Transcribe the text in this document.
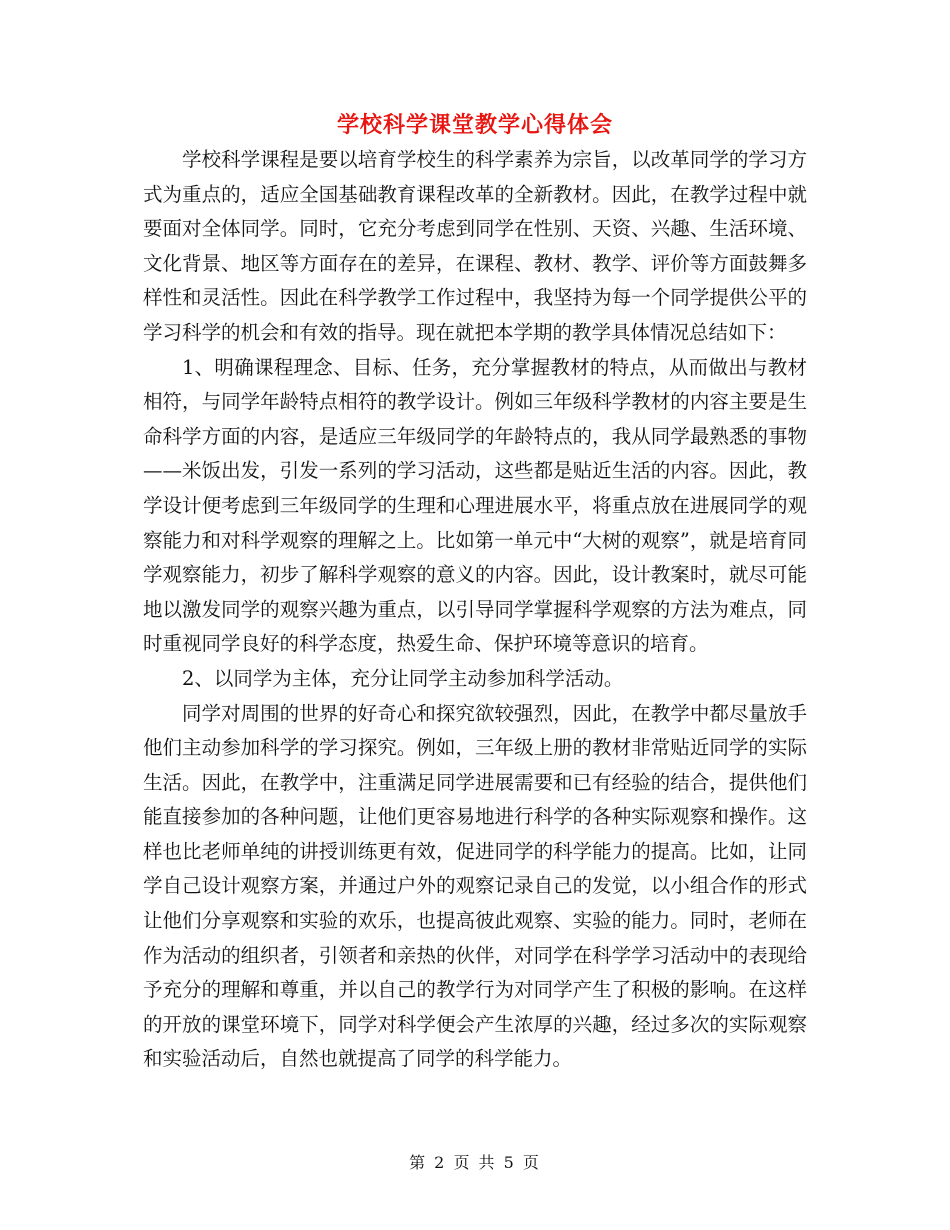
学校科学课堂教学心得体会

学校科学课程是要以培育学校生的科学素养为宗旨，以改革同学的学习方式为重点的，适应全国基础教育课程改革的全新教材。因此，在教学过程中就要面对全体同学。同时，它充分考虑到同学在性别、天资、兴趣、生活环境、文化背景、地区等方面存在的差异，在课程、教材、教学、评价等方面鼓舞多样性和灵活性。因此在科学教学工作过程中，我坚持为每一个同学提供公平的学习科学的机会和有效的指导。现在就把本学期的教学具体情况总结如下：

1、明确课程理念、目标、任务，充分掌握教材的特点，从而做出与教材相符，与同学年龄特点相符的教学设计。例如三年级科学教材的内容主要是生命科学方面的内容，是适应三年级同学的年龄特点的，我从同学最熟悉的事物——米饭出发，引发一系列的学习活动，这些都是贴近生活的内容。因此，教学设计便考虑到三年级同学的生理和心理进展水平，将重点放在进展同学的观察能力和对科学观察的理解之上。比如第一单元中“大树的观察”，就是培育同学观察能力，初步了解科学观察的意义的内容。因此，设计教案时，就尽可能地以激发同学的观察兴趣为重点，以引导同学掌握科学观察的方法为难点，同时重视同学良好的科学态度，热爱生命、保护环境等意识的培育。

2、以同学为主体，充分让同学主动参加科学活动。

同学对周围的世界的好奇心和探究欲较强烈，因此，在教学中都尽量放手他们主动参加科学的学习探究。例如，三年级上册的教材非常贴近同学的实际生活。因此，在教学中，注重满足同学进展需要和已有经验的结合，提供他们能直接参加的各种问题，让他们更容易地进行科学的各种实际观察和操作。这样也比老师单纯的讲授训练更有效，促进同学的科学能力的提高。比如，让同学自己设计观察方案，并通过户外的观察记录自己的发觉，以小组合作的形式让他们分享观察和实验的欢乐，也提高彼此观察、实验的能力。同时，老师在作为活动的组织者，引领者和亲热的伙伴，对同学在科学学习活动中的表现给予充分的理解和尊重，并以自己的教学行为对同学产生了积极的影响。在这样的开放的课堂环境下，同学对科学便会产生浓厚的兴趣，经过多次的实际观察和实验活动后，自然也就提高了同学的科学能力。

第 2 页 共 5 页
